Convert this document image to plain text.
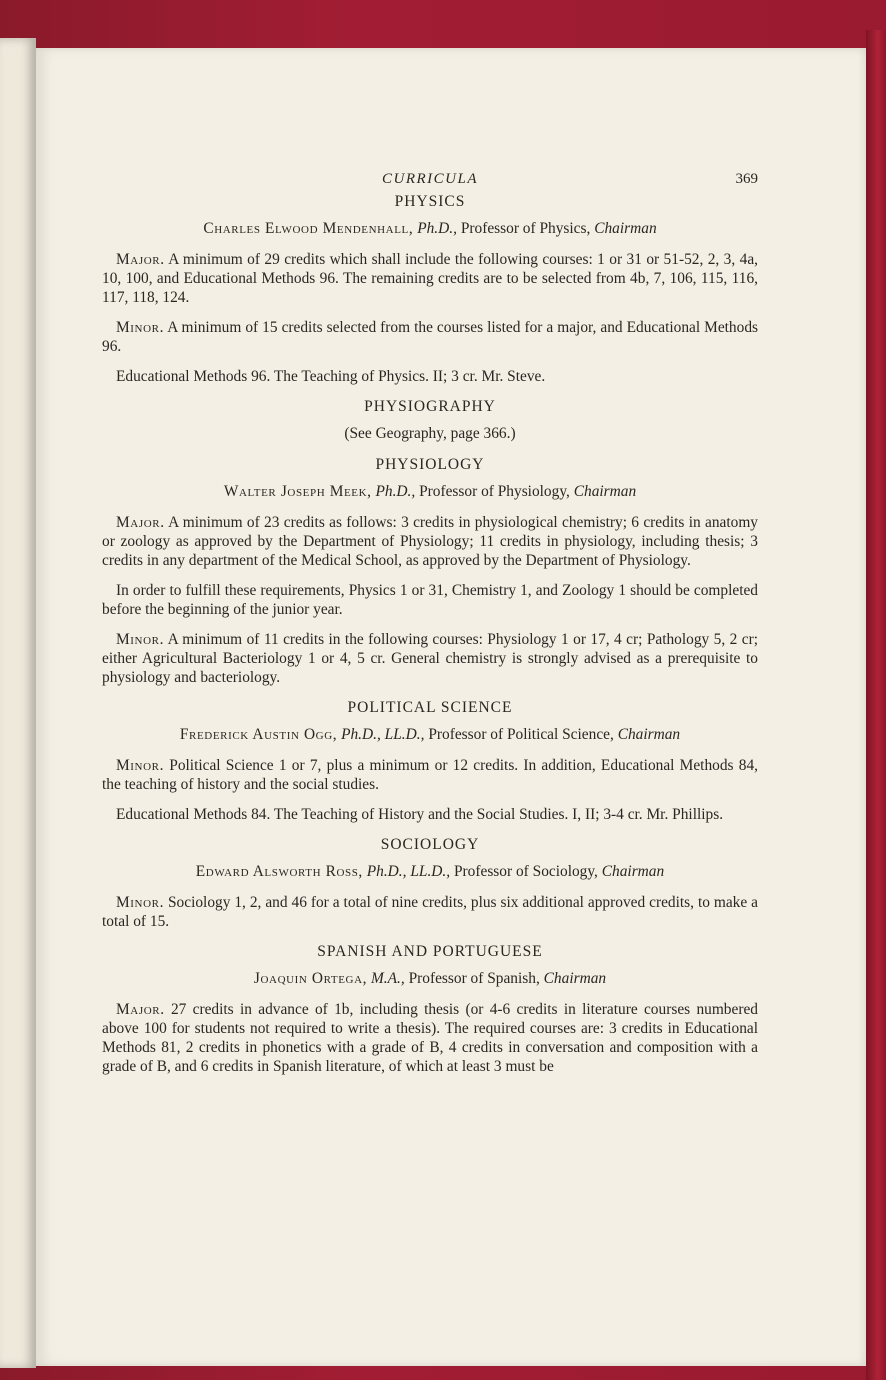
CURRICULA	369
PHYSICS
Charles Elwood Mendenhall, Ph.D., Professor of Physics, Chairman

Major. A minimum of 29 credits which shall include the following courses: 1 or 31 or 51-52, 2, 3, 4a, 10, 100, and Educational Methods 96. The remaining credits are to be selected from 4b, 7, 106, 115, 116, 117, 118, 124.

Minor. A minimum of 15 credits selected from the courses listed for a major, and Educational Methods 96.

Educational Methods 96. The Teaching of Physics. II; 3 cr. Mr. Steve.

PHYSIOGRAPHY
(See Geography, page 366.)
PHYSIOLOGY
Walter Joseph Meek, Ph.D., Professor of Physiology, Chairman

Major. A minimum of 23 credits as follows: 3 credits in physiological chemistry; 6 credits in anatomy or zoology as approved by the Department of Physiology; 11 credits in physiology, including thesis; 3 credits in any department of the Medical School, as approved by the Department of Physiology.

In order to fulfill these requirements, Physics 1 or 31, Chemistry 1, and Zoology 1 should be completed before the beginning of the junior year.

Minor. A minimum of 11 credits in the following courses: Physiology 1 or 17, 4 cr; Pathology 5, 2 cr; either Agricultural Bacteriology 1 or 4, 5 cr. General chemistry is strongly advised as a prerequisite to physiology and bacteriology.

POLITICAL SCIENCE
Frederick Austin Ogg, Ph.D., LL.D., Professor of Political Science, Chairman

Minor. Political Science 1 or 7, plus a minimum or 12 credits. In addition, Educational Methods 84, the teaching of history and the social studies.

Educational Methods 84. The Teaching of History and the Social Studies. I, II; 3-4 cr. Mr. Phillips.

SOCIOLOGY
Edward Alsworth Ross, Ph.D., LL.D., Professor of Sociology, Chairman

Minor. Sociology 1, 2, and 46 for a total of nine credits, plus six additional approved credits, to make a total of 15.

SPANISH AND PORTUGUESE
Joaquin Ortega, M.A., Professor of Spanish, Chairman

Major. 27 credits in advance of 1b, including thesis (or 4-6 credits in literature courses numbered above 100 for students not required to write a thesis). The required courses are: 3 credits in Educational Methods 81, 2 credits in phonetics with a grade of B, 4 credits in conversation and composition with a grade of B, and 6 credits in Spanish literature, of which at least 3 must be
